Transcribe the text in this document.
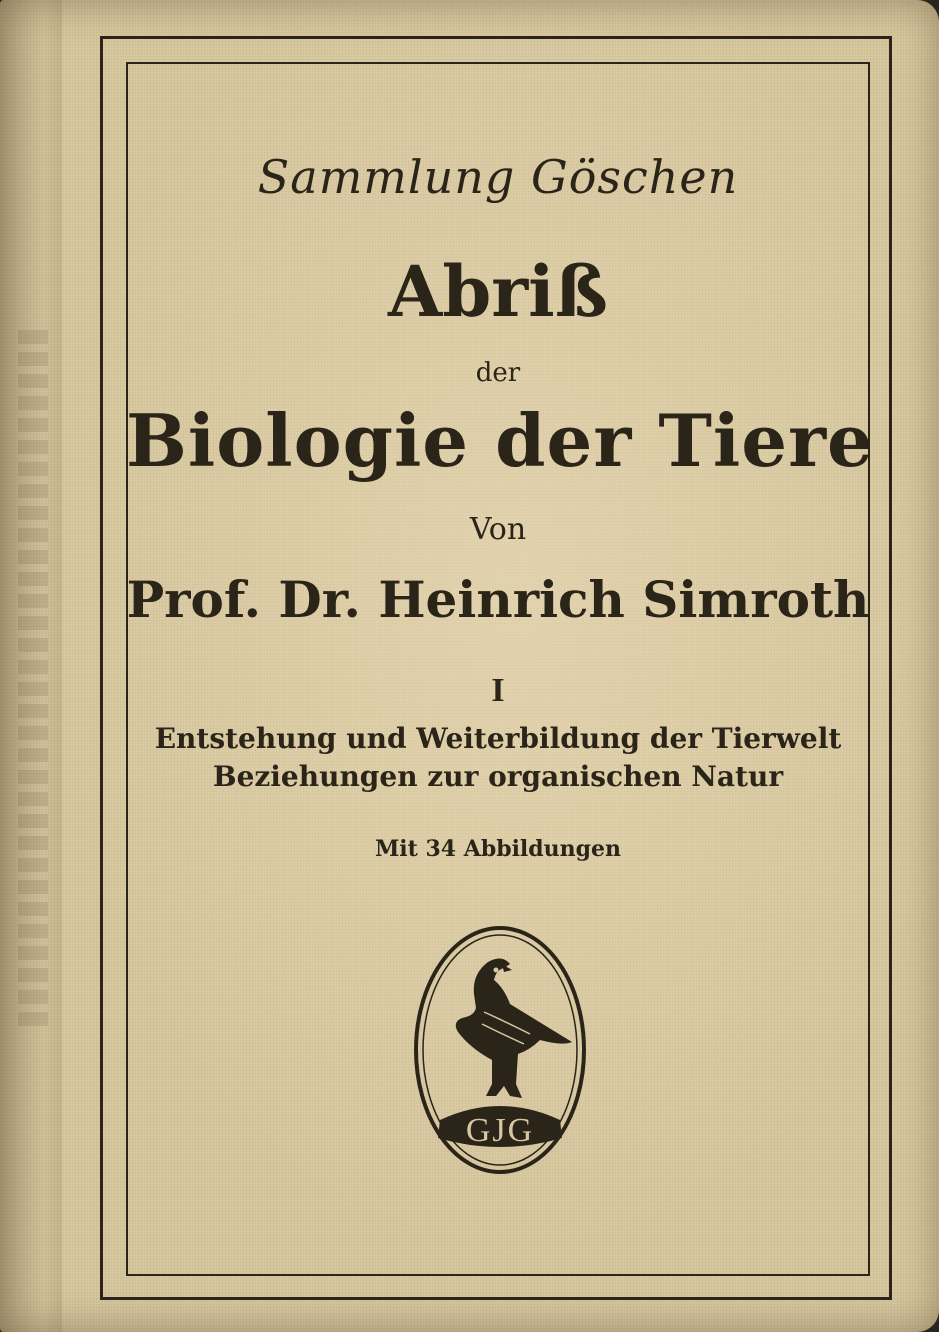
Sammlung Göschen
Abriß
der
Biologie der Tiere
Von
Prof. Dr. Heinrich Simroth
I
Entstehung und Weiterbildung der Tierwelt
Beziehungen zur organischen Natur
Mit 34 Abbildungen
GJG
